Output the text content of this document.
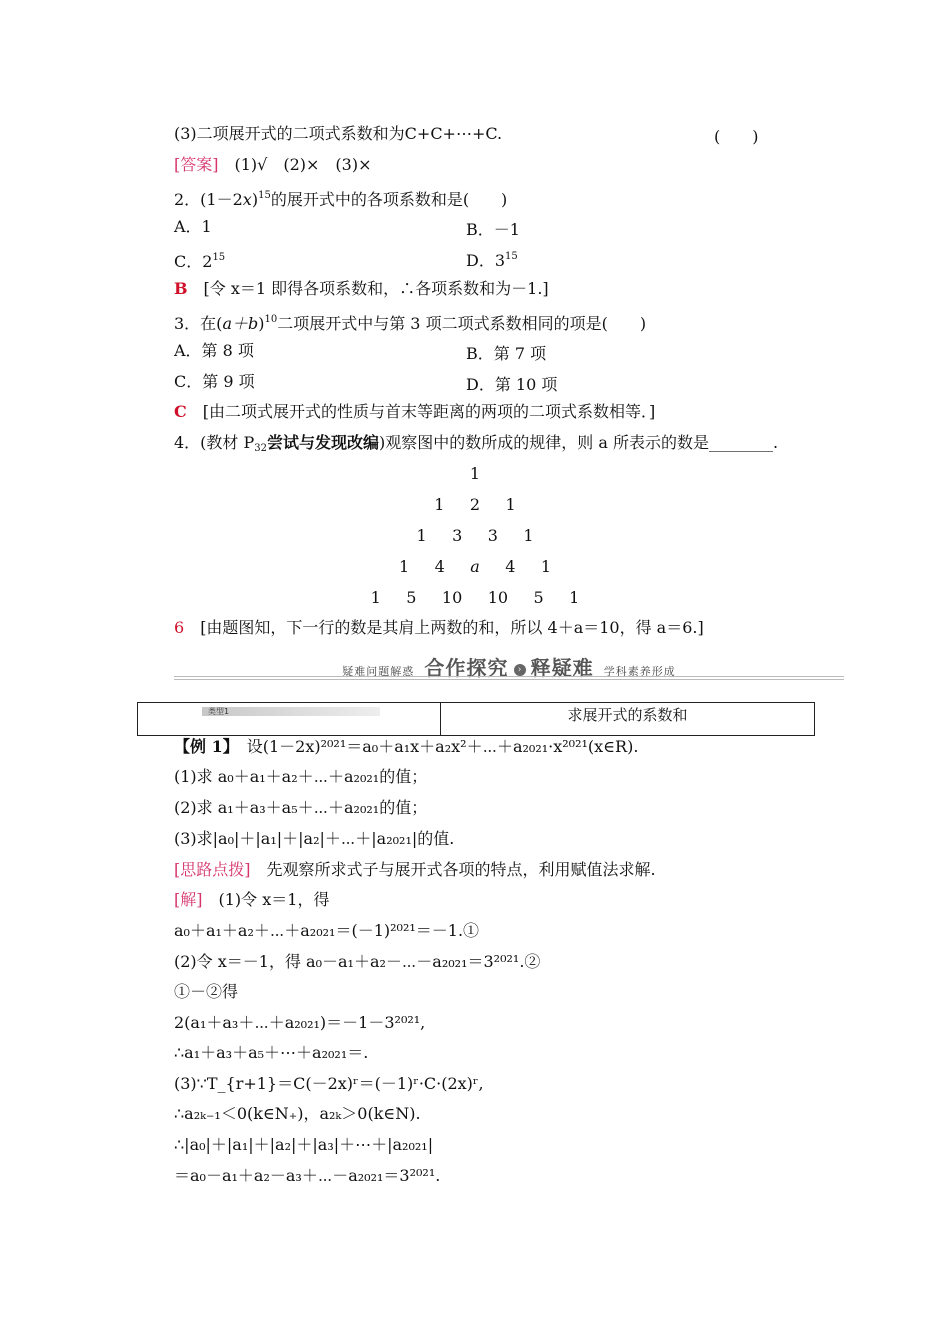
(3)二项展开式的二项式系数和为C+C+⋯+C.	(　　)
[答案]　(1)√　(2)×　(3)×
2．$(1-2x)^{15}$的展开式中的各项系数和是(　　)
A．1	B．－1
C．$2^{15}$	D．$3^{15}$
B　[令 x＝1 即得各项系数和，∴各项系数和为－1.]
3．在$(a+b)^{10}$二项展开式中与第 3 项二项式系数相同的项是(　　)
A．第 8 项	B．第 7 项
C．第 9 项	D．第 10 项
C　[由二项式展开式的性质与首末等距离的两项的二项式系数相等．]
4．(教材 $P_{32}$尝试与发现改编)观察图中的数所成的规律，则 a 所表示的数是________.
1
1 2 1
1 3 3 1
1 4 a 4 1
1 5 10 10 5 1
6　[由题图知，下一行的数是其肩上两数的和，所以 4＋a＝10，得 a＝6.]
疑难问题解惑 合作探究 › 释疑难 学科素养形成
类型1	求展开式的系数和
【例 1】　设(1－2x)²⁰²¹＝a₀＋a₁x＋a₂x²＋⋯＋a₂₀₂₁·x²⁰²¹(x∈R).
(1)求 a₀＋a₁＋a₂＋⋯＋a₂₀₂₁的值；
(2)求 a₁＋a₃＋a₅＋⋯＋a₂₀₂₁的值；
(3)求|a₀|＋|a₁|＋|a₂|＋⋯＋|a₂₀₂₁|的值.
[思路点拨]　先观察所求式子与展开式各项的特点，利用赋值法求解.
[解]　(1)令 x＝1，得
a₀＋a₁＋a₂＋⋯＋a₂₀₂₁＝(－1)²⁰²¹＝－1.①
(2)令 x＝－1，得 a₀－a₁＋a₂－⋯－a₂₀₂₁＝3²⁰²¹.②
①－②得
2(a₁＋a₃＋⋯＋a₂₀₂₁)＝－1－3²⁰²¹,
∴a₁＋a₃＋a₅＋⋯＋a₂₀₂₁＝.
(3)∵T_{r+1}＝C(－2x)ʳ＝(－1)ʳ·C·(2x)ʳ,
∴a₂ₖ₋₁＜0(k∈N₊)，a₂ₖ＞0(k∈N).
∴|a₀|＋|a₁|＋|a₂|＋|a₃|＋⋯＋|a₂₀₂₁|
＝a₀－a₁＋a₂－a₃＋⋯－a₂₀₂₁＝3²⁰²¹.
